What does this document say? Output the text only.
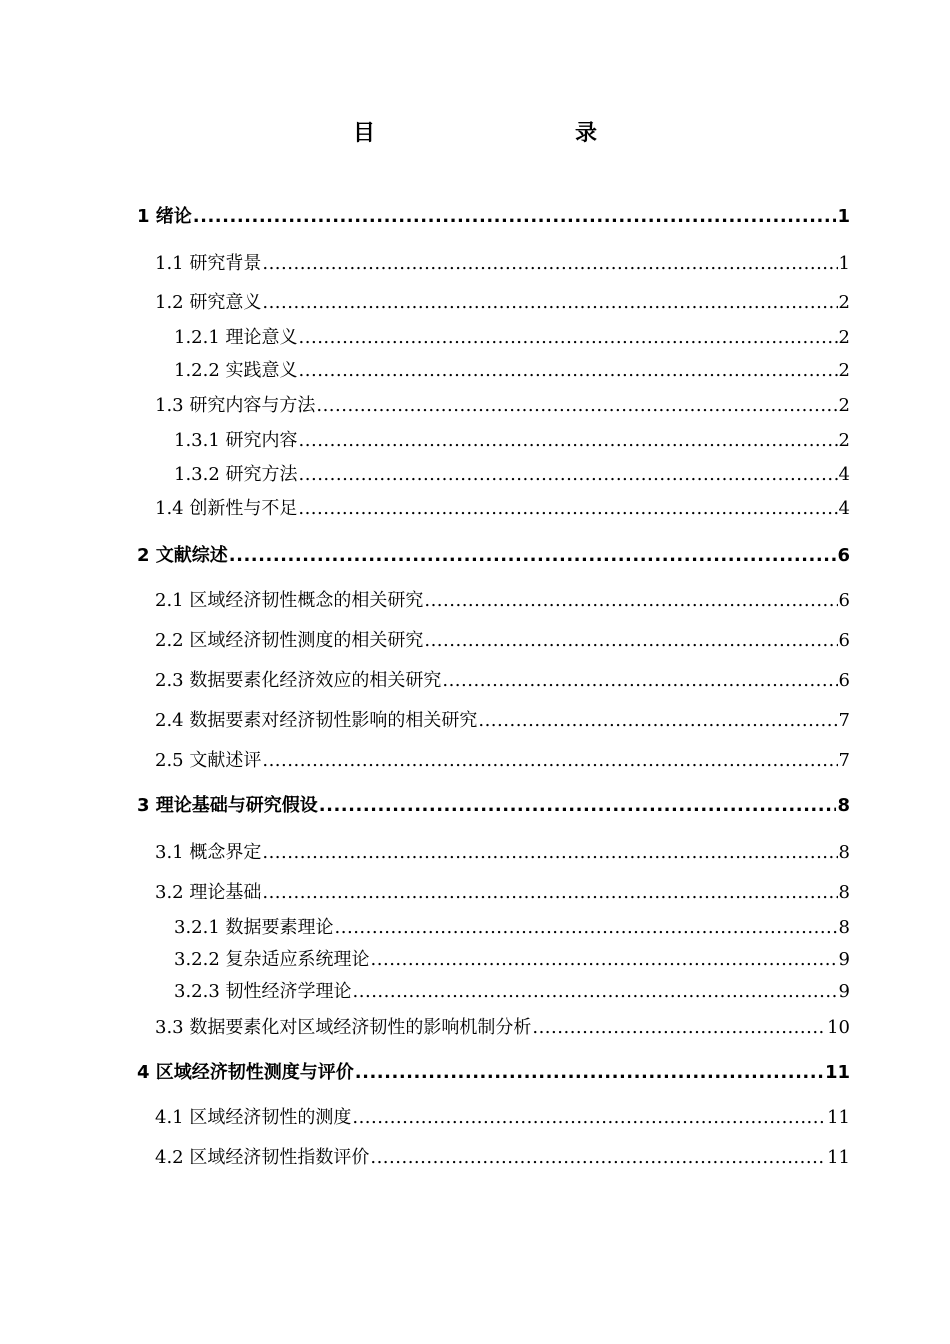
目　　录
1 绪论 .....	1
1.1 研究背景 .....	1
1.2 研究意义 .....	2
1.2.1 理论意义 .....	2
1.2.2 实践意义 .....	2
1.3 研究内容与方法 .....	2
1.3.1 研究内容 .....	2
1.3.2 研究方法 .....	4
1.4 创新性与不足 .....	4
2 文献综述 .....	6
2.1 区域经济韧性概念的相关研究 .....	6
2.2 区域经济韧性测度的相关研究 .....	6
2.3 数据要素化经济效应的相关研究 .....	6
2.4 数据要素对经济韧性影响的相关研究 .....	7
2.5 文献述评 .....	7
3 理论基础与研究假设 .....	8
3.1 概念界定 .....	8
3.2 理论基础 .....	8
3.2.1 数据要素理论 .....	8
3.2.2 复杂适应系统理论 .....	9
3.2.3 韧性经济学理论 .....	9
3.3 数据要素化对区域经济韧性的影响机制分析 .....	10
4 区域经济韧性测度与评价 .....	11
4.1 区域经济韧性的测度 .....	11
4.2 区域经济韧性指数评价 .....	11
